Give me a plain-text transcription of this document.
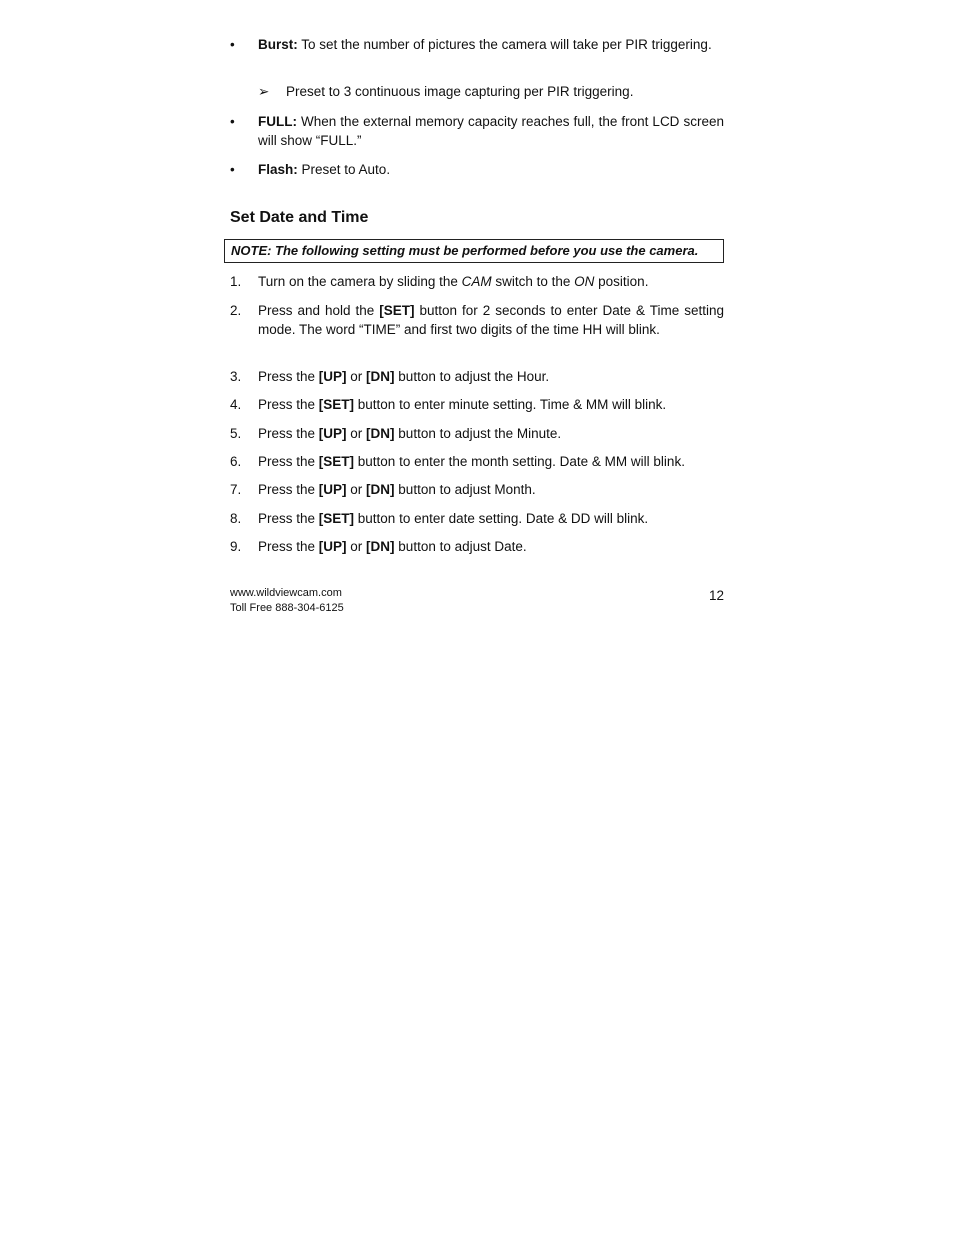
• Burst: To set the number of pictures the camera will take per PIR triggering.
➢ Preset to 3 continuous image capturing per PIR triggering.
• FULL: When the external memory capacity reaches full, the front LCD screen will show “FULL.”
• Flash: Preset to Auto.
Set Date and Time
NOTE: The following setting must be performed before you use the camera.
1. Turn on the camera by sliding the CAM switch to the ON position.
2. Press and hold the [SET] button for 2 seconds to enter Date & Time setting mode. The word “TIME” and first two digits of the time HH will blink.
3. Press the [UP] or [DN] button to adjust the Hour.
4. Press the [SET] button to enter minute setting. Time & MM will blink.
5. Press the [UP] or [DN] button to adjust the Minute.
6. Press the [SET] button to enter the month setting. Date & MM will blink.
7. Press the [UP] or [DN] button to adjust Month.
8. Press the [SET] button to enter date setting. Date & DD will blink.
9. Press the [UP] or [DN] button to adjust Date.
www.wildviewcam.com
Toll Free 888-304-6125
12
